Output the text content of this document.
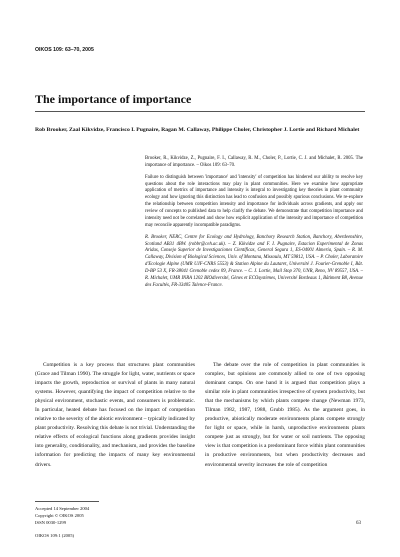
OIKOS 109: 63–70, 2005
The importance of importance
Rob Brooker, Zaal Kikvidze, Francisco I. Pugnaire, Ragan M. Callaway, Philippe Choler, Christopher J. Lortie and Richard Michalet

Brooker, R., Kikvidze, Z., Pugnaire, F. I., Callaway, R. M., Choler, P., Lortie, C. J. and Michalet, R. 2005. The importance of importance. – Oikos 109: 63–70.

Failure to distinguish between 'importance' and 'intensity' of competition has hindered our ability to resolve key questions about the role interactions may play in plant communities. Here we examine how appropriate application of metrics of importance and intensity is integral to investigating key theories in plant community ecology and how ignoring this distinction has lead to confusion and possibly spurious conclusions. We re-explore the relationship between competition intensity and importance for individuals across gradients, and apply our review of concepts to published data to help clarify the debate. We demonstrate that competition importance and intensity need not be correlated and show how explicit application of the intensity and importance of competition may reconcile apparently incompatible paradigms.

R. Brooker, NERC, Centre for Ecology and Hydrology, Banchory Research Station, Banchory, Aberdeenshire, Scotland AB31 4BW. (robbr@ceh.ac.uk). – Z. Kikvidze and F. I. Pugnaire, Estacion Experimental de Zonas Aridas, Consejo Superior de Investigaciones Cientificas, General Segura 1, ES-04001 Almeria, Spain. – R. M. Callaway, Division of Biological Sciences, Univ. of Montana, Missoula, MT 59812, USA. – P. Choler, Laboratoire d'Ecologie Alpine (UMR UJF-CNRS 5553) & Station Alpine du Lautaret, Université J. Fourier-Grenoble I, Bât. D-BP 53 X, FR-38041 Grenoble cedex 09, France. – C. J. Lortie, Mail Stop 370, UNR, Reno, NV 89557, USA. – R. Michalet, UMR INRA 1202 BIOdiversité, Gènes et ECOsystèmes, Université Bordeaux 1, Bâtiment B8, Avenue des Facultés, FR-33405 Talence-France.

Competition is a key process that structures plant communities (Grace and Tilman 1990). The struggle for light, water, nutrients or space impacts the growth, reproduction or survival of plants in many natural systems. However, quantifying the impact of competition relative to the physical environment, stochastic events, and consumers is problematic. In particular, heated debate has focused on the impact of competition relative to the severity of the abiotic environment – typically indicated by plant productivity. Resolving this debate is not trivial. Understanding the relative effects of ecological functions along gradients provides insight into generality, conditionality, and mechanism, and provides the baseline information for predicting the impacts of many key environmental drivers.

The debate over the role of competition in plant communities is complex, but opinions are commonly allied to one of two opposing dominant camps. On one hand it is argued that competition plays a similar role in plant communities irrespective of system productivity, but that the mechanisms by which plants compete change (Newman 1973, Tilman 1982, 1987, 1988, Grubb 1985). As the argument goes, in productive, abiotically moderate environments plants compete strongly for light or space, while in harsh, unproductive environments plants compete just as strongly, but for water or soil nutrients. The opposing view is that competition is a predominant force within plant communities in productive environments, but when productivity decreases and environmental severity increases the role of competition

Accepted 14 September 2004
Copyright © OIKOS 2005
ISSN 0030-1299
OIKOS 109:1 (2005)
63
